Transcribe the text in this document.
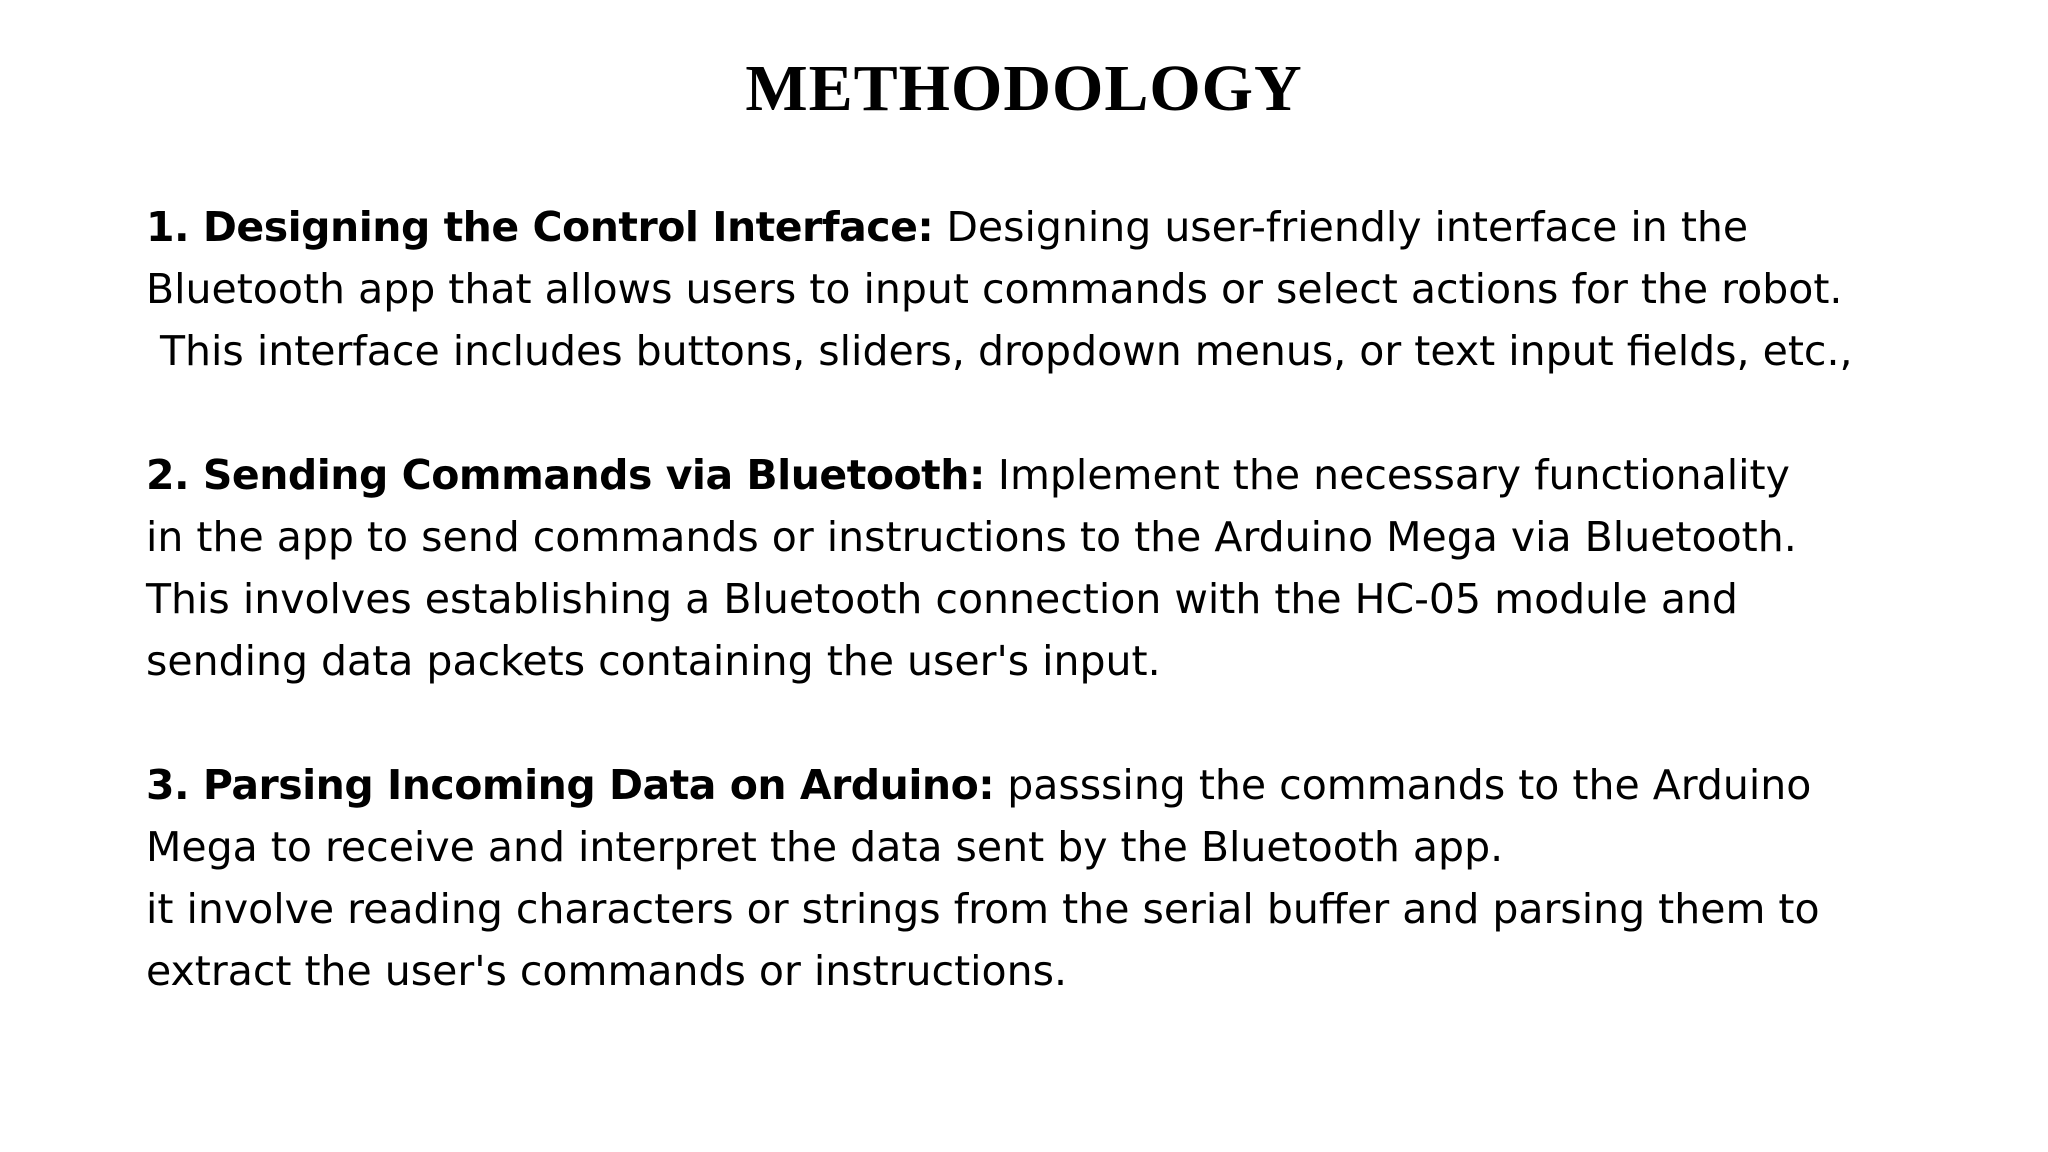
METHODOLOGY
1. Designing the Control Interface: Designing user-friendly interface in the
Bluetooth app that allows users to input commands or select actions for the robot.
This interface includes buttons, sliders, dropdown menus, or text input fields, etc.,
2. Sending Commands via Bluetooth: Implement the necessary functionality
in the app to send commands or instructions to the Arduino Mega via Bluetooth.
This involves establishing a Bluetooth connection with the HC-05 module and
sending data packets containing the user's input.
3. Parsing Incoming Data on Arduino: passsing the commands to the Arduino
Mega to receive and interpret the data sent by the Bluetooth app.
it involve reading characters or strings from the serial buffer and parsing them to
extract the user's commands or instructions.
